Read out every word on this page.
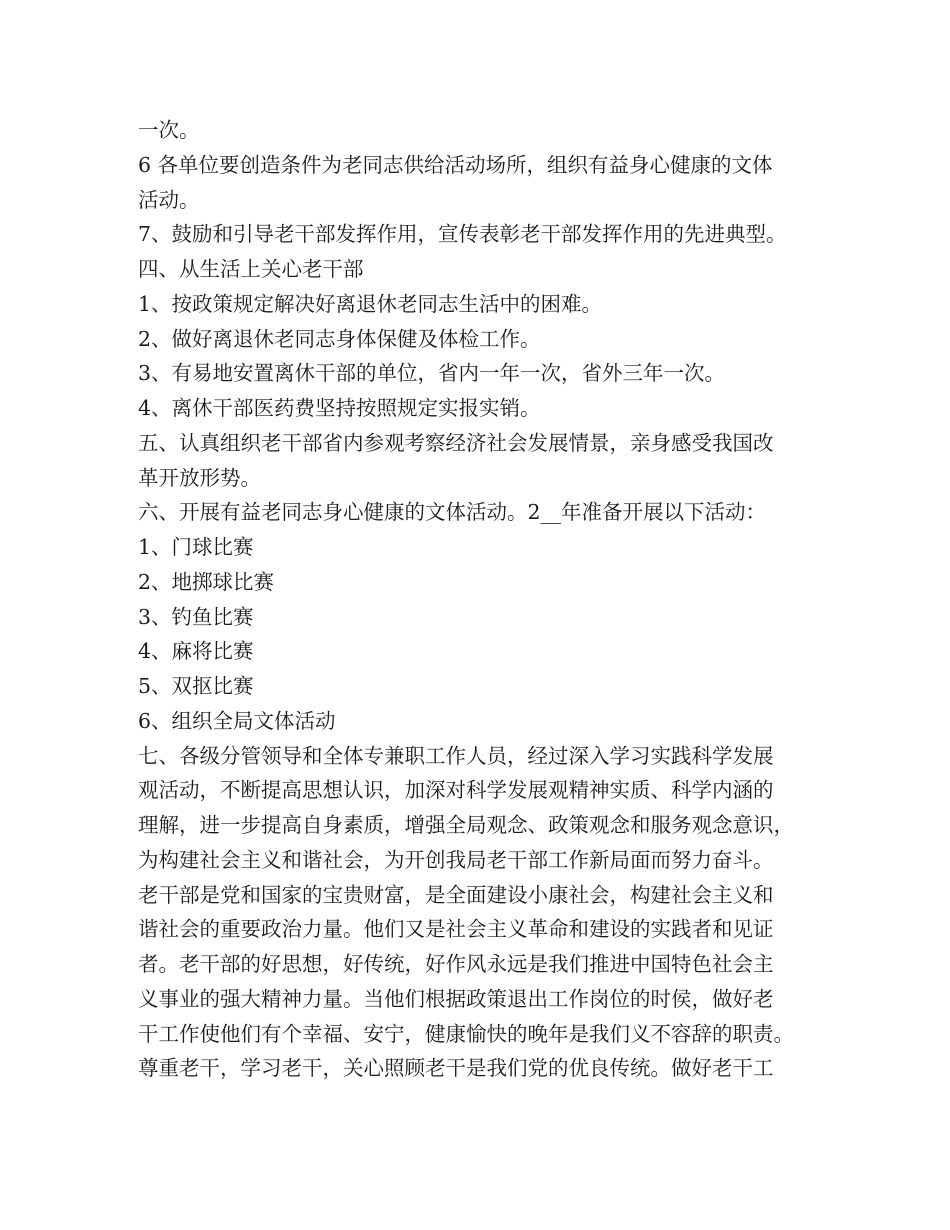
一次。
6 各单位要创造条件为老同志供给活动场所，组织有益身心健康的文体
活动。
7、鼓励和引导老干部发挥作用，宣传表彰老干部发挥作用的先进典型。
四、从生活上关心老干部
1、按政策规定解决好离退休老同志生活中的困难。
2、做好离退休老同志身体保健及体检工作。
3、有易地安置离休干部的单位，省内一年一次，省外三年一次。
4、离休干部医药费坚持按照规定实报实销。
五、认真组织老干部省内参观考察经济社会发展情景，亲身感受我国改
革开放形势。
六、开展有益老同志身心健康的文体活动。2__年准备开展以下活动：
1、门球比赛
2、地掷球比赛
3、钓鱼比赛
4、麻将比赛
5、双抠比赛
6、组织全局文体活动
七、各级分管领导和全体专兼职工作人员，经过深入学习实践科学发展
观活动，不断提高思想认识，加深对科学发展观精神实质、科学内涵的
理解，进一步提高自身素质，增强全局观念、政策观念和服务观念意识，
为构建社会主义和谐社会，为开创我局老干部工作新局面而努力奋斗。
老干部是党和国家的宝贵财富，是全面建设小康社会，构建社会主义和
谐社会的重要政治力量。他们又是社会主义革命和建设的实践者和见证
者。老干部的好思想，好传统，好作风永远是我们推进中国特色社会主
义事业的强大精神力量。当他们根据政策退出工作岗位的时侯，做好老
干工作使他们有个幸福、安宁，健康愉快的晚年是我们义不容辞的职责。
尊重老干，学习老干，关心照顾老干是我们党的优良传统。做好老干工
